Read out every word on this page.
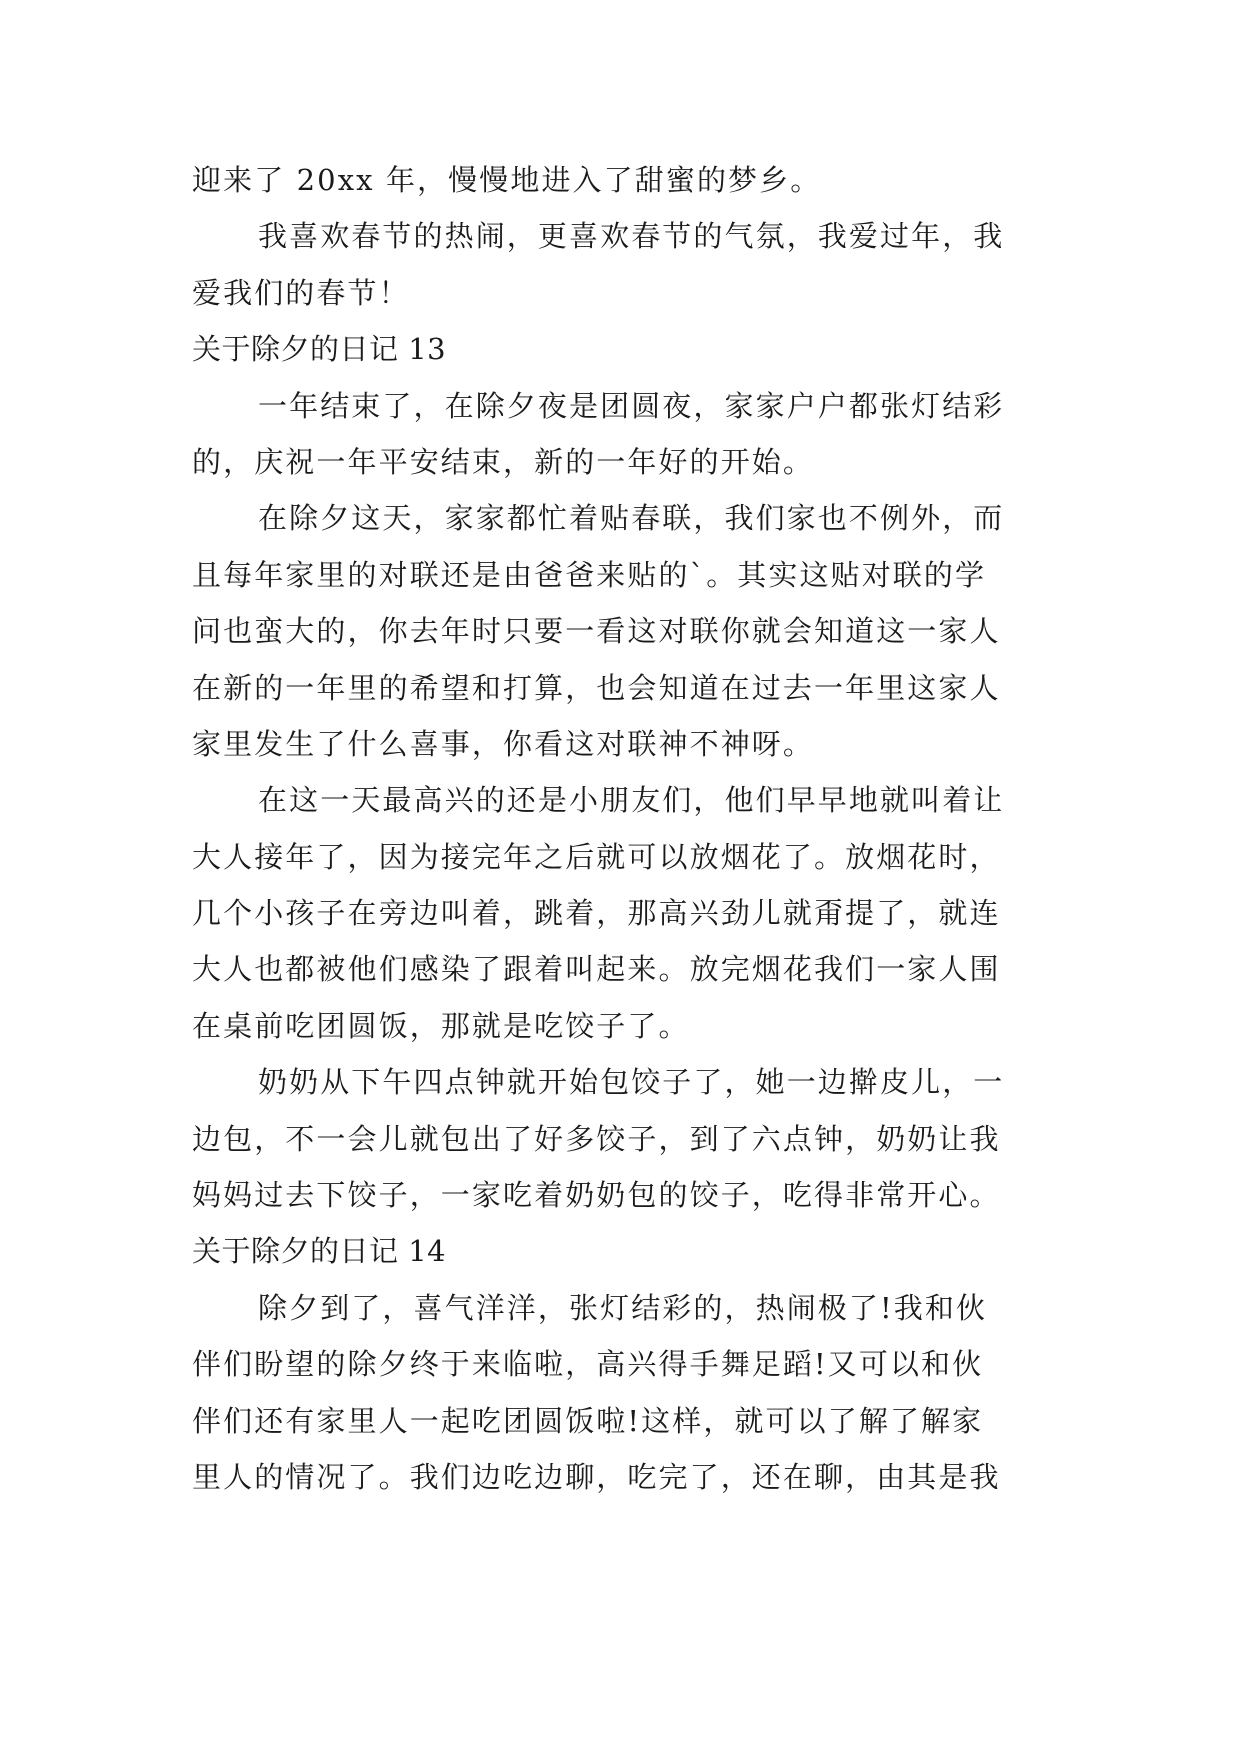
迎来了 20xx 年，慢慢地进入了甜蜜的梦乡。
我喜欢春节的热闹，更喜欢春节的气氛，我爱过年，我
爱我们的春节！
关于除夕的日记 13
一年结束了，在除夕夜是团圆夜，家家户户都张灯结彩
的，庆祝一年平安结束，新的一年好的开始。
在除夕这天，家家都忙着贴春联，我们家也不例外，而
且每年家里的对联还是由爸爸来贴的`。其实这贴对联的学
问也蛮大的，你去年时只要一看这对联你就会知道这一家人
在新的一年里的希望和打算，也会知道在过去一年里这家人
家里发生了什么喜事，你看这对联神不神呀。
在这一天最高兴的还是小朋友们，他们早早地就叫着让
大人接年了，因为接完年之后就可以放烟花了。放烟花时，
几个小孩子在旁边叫着，跳着，那高兴劲儿就甭提了，就连
大人也都被他们感染了跟着叫起来。放完烟花我们一家人围
在桌前吃团圆饭，那就是吃饺子了。
奶奶从下午四点钟就开始包饺子了，她一边擀皮儿，一
边包，不一会儿就包出了好多饺子，到了六点钟，奶奶让我
妈妈过去下饺子，一家吃着奶奶包的饺子，吃得非常开心。
关于除夕的日记 14
除夕到了，喜气洋洋，张灯结彩的，热闹极了!我和伙
伴们盼望的除夕终于来临啦，高兴得手舞足蹈!又可以和伙
伴们还有家里人一起吃团圆饭啦!这样，就可以了解了解家
里人的情况了。我们边吃边聊，吃完了，还在聊，由其是我
